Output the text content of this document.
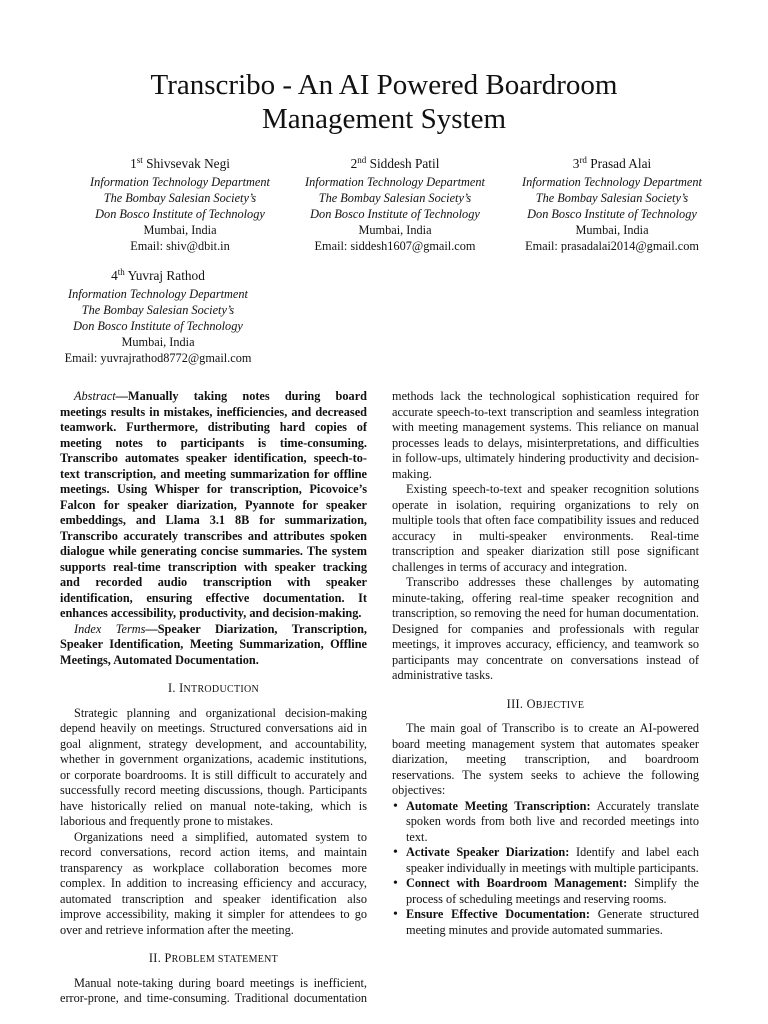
Transcribo - An AI Powered Boardroom
Management System
1st Shivsevak Negi
Information Technology Department
The Bombay Salesian Society’s
Don Bosco Institute of Technology
Mumbai, India
Email: shiv@dbit.in
2nd Siddesh Patil
Information Technology Department
The Bombay Salesian Society’s
Don Bosco Institute of Technology
Mumbai, India
Email: siddesh1607@gmail.com
3rd Prasad Alai
Information Technology Department
The Bombay Salesian Society’s
Don Bosco Institute of Technology
Mumbai, India
Email: prasadalai2014@gmail.com
4th Yuvraj Rathod
Information Technology Department
The Bombay Salesian Society’s
Don Bosco Institute of Technology
Mumbai, India
Email: yuvrajrathod8772@gmail.com

Abstract—Manually taking notes during board meetings results in mistakes, inefficiencies, and decreased teamwork. Furthermore, distributing hard copies of meeting notes to participants is time-consuming. Transcribo automates speaker identification, speech-to-text transcription, and meeting summarization for offline meetings. Using Whisper for transcription, Picovoice’s Falcon for speaker diarization, Pyannote for speaker embeddings, and Llama 3.1 8B for summarization, Transcribo accurately transcribes and attributes spoken dialogue while generating concise summaries. The system supports real-time transcription with speaker tracking and recorded audio transcription with speaker identification, ensuring effective documentation. It enhances accessibility, productivity, and decision-making.

Index Terms—Speaker Diarization, Transcription, Speaker Identification, Meeting Summarization, Offline Meetings, Automated Documentation.

I. INTRODUCTION

Strategic planning and organizational decision-making depend heavily on meetings. Structured conversations aid in goal alignment, strategy development, and accountability, whether in government organizations, academic institutions, or corporate boardrooms. It is still difficult to accurately and successfully record meeting discussions, though. Participants have historically relied on manual note-taking, which is laborious and frequently prone to mistakes.

Organizations need a simplified, automated system to record conversations, record action items, and maintain transparency as workplace collaboration becomes more complex. In addition to increasing efficiency and accuracy, automated transcription and speaker identification also improve accessibility, making it simpler for attendees to go over and retrieve information after the meeting.

II. PROBLEM STATEMENT

Manual note-taking during board meetings is inefficient, error-prone, and time-consuming. Traditional documentation

methods lack the technological sophistication required for accurate speech-to-text transcription and seamless integration with meeting management systems. This reliance on manual processes leads to delays, misinterpretations, and difficulties in follow-ups, ultimately hindering productivity and decision-making.

Existing speech-to-text and speaker recognition solutions operate in isolation, requiring organizations to rely on multiple tools that often face compatibility issues and reduced accuracy in multi-speaker environments. Real-time transcription and speaker diarization still pose significant challenges in terms of accuracy and integration.

Transcribo addresses these challenges by automating minute-taking, offering real-time speaker recognition and transcription, so removing the need for human documentation. Designed for companies and professionals with regular meetings, it improves accuracy, efficiency, and teamwork so participants may concentrate on conversations instead of administrative tasks.

III. OBJECTIVE

The main goal of Transcribo is to create an AI-powered board meeting management system that automates speaker diarization, meeting transcription, and boardroom reservations. The system seeks to achieve the following objectives:

• Automate Meeting Transcription: Accurately translate spoken words from both live and recorded meetings into text.
• Activate Speaker Diarization: Identify and label each speaker individually in meetings with multiple participants.
• Connect with Boardroom Management: Simplify the process of scheduling meetings and reserving rooms.
• Ensure Effective Documentation: Generate structured meeting minutes and provide automated summaries.
